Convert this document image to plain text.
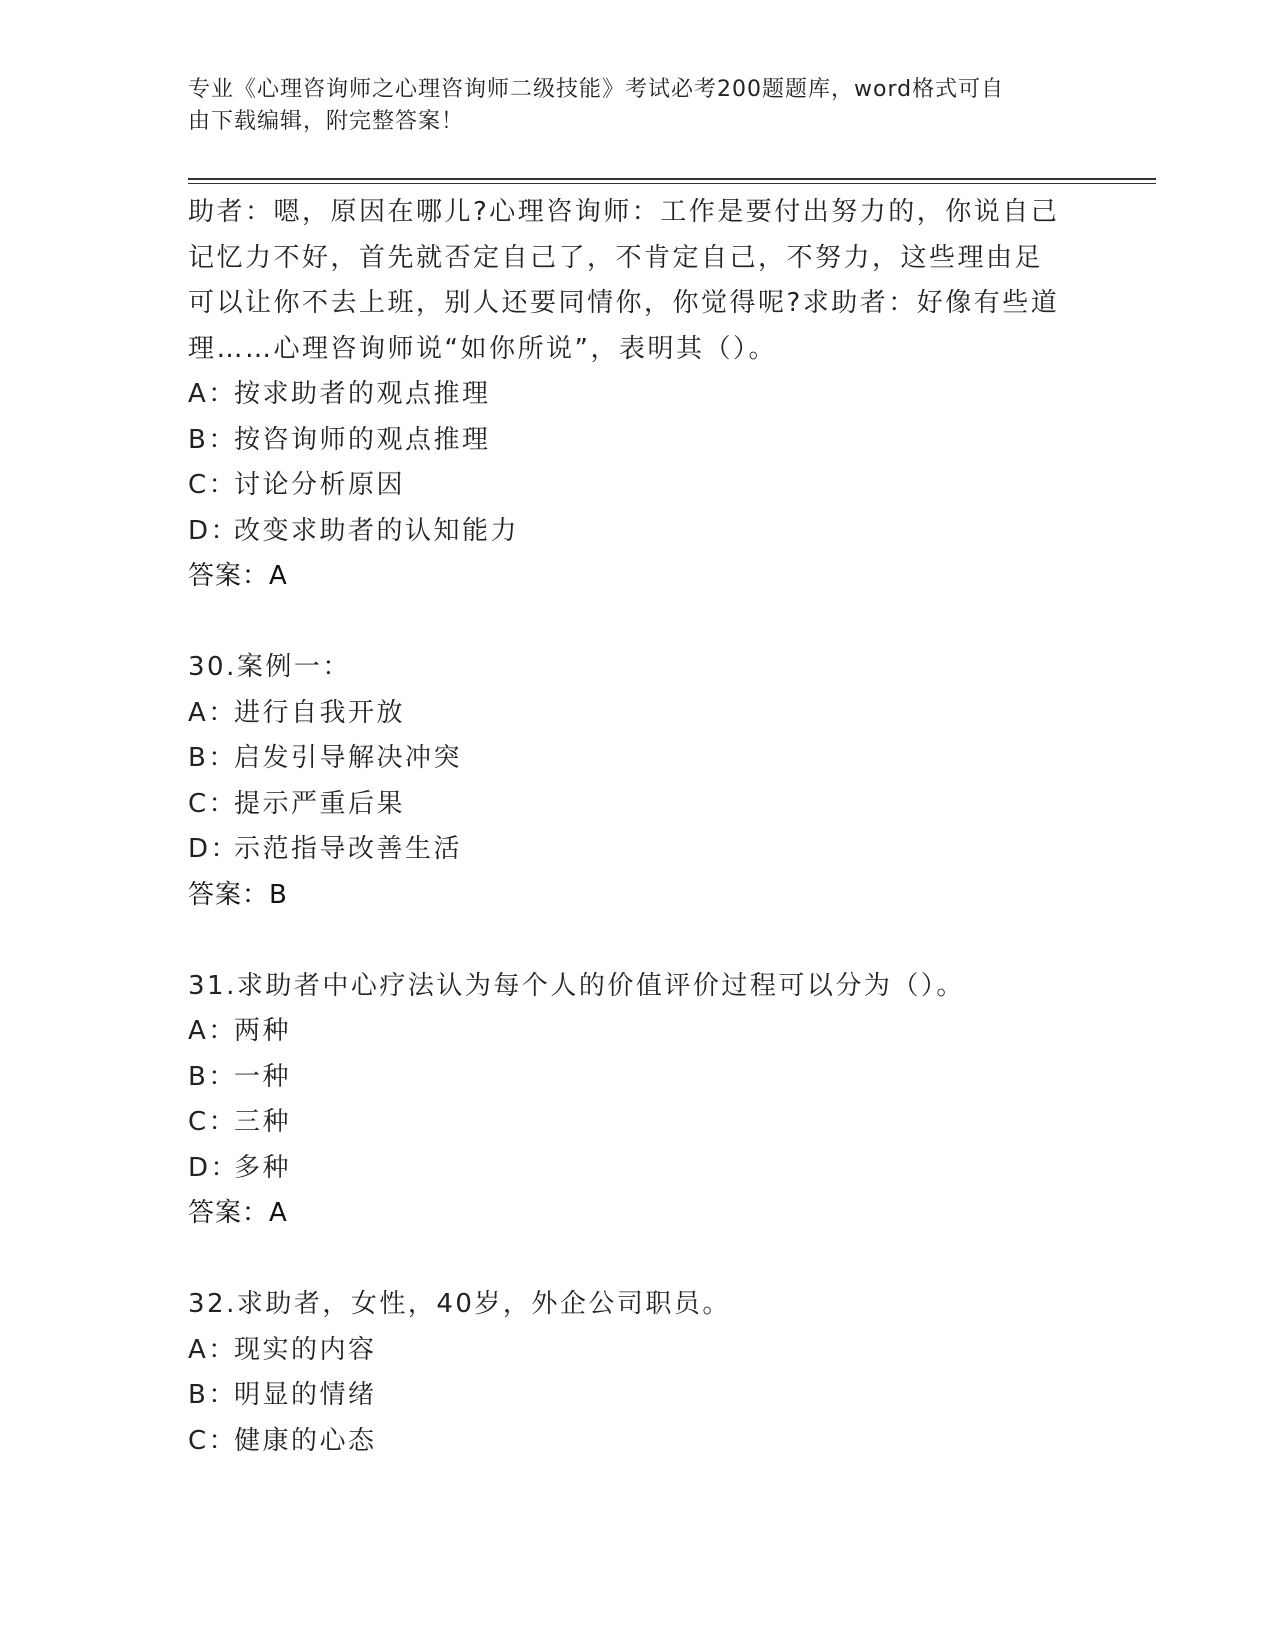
专业《心理咨询师之心理咨询师二级技能》考试必考200题题库，word格式可自
由下载编辑，附完整答案！
助者：嗯，原因在哪儿?心理咨询师：工作是要付出努力的，你说自己
记忆力不好，首先就否定自己了，不肯定自己，不努力，这些理由足
可以让你不去上班，别人还要同情你，你觉得呢?求助者：好像有些道
理……心理咨询师说“如你所说”，表明其（）。
A：按求助者的观点推理
B：按咨询师的观点推理
C：讨论分析原因
D：改变求助者的认知能力
答案：A
30.案例一：
A：进行自我开放
B：启发引导解决冲突
C：提示严重后果
D：示范指导改善生活
答案：B
31.求助者中心疗法认为每个人的价值评价过程可以分为（）。
A：两种
B：一种
C：三种
D：多种
答案：A
32.求助者，女性，40岁，外企公司职员。
A：现实的内容
B：明显的情绪
C：健康的心态
